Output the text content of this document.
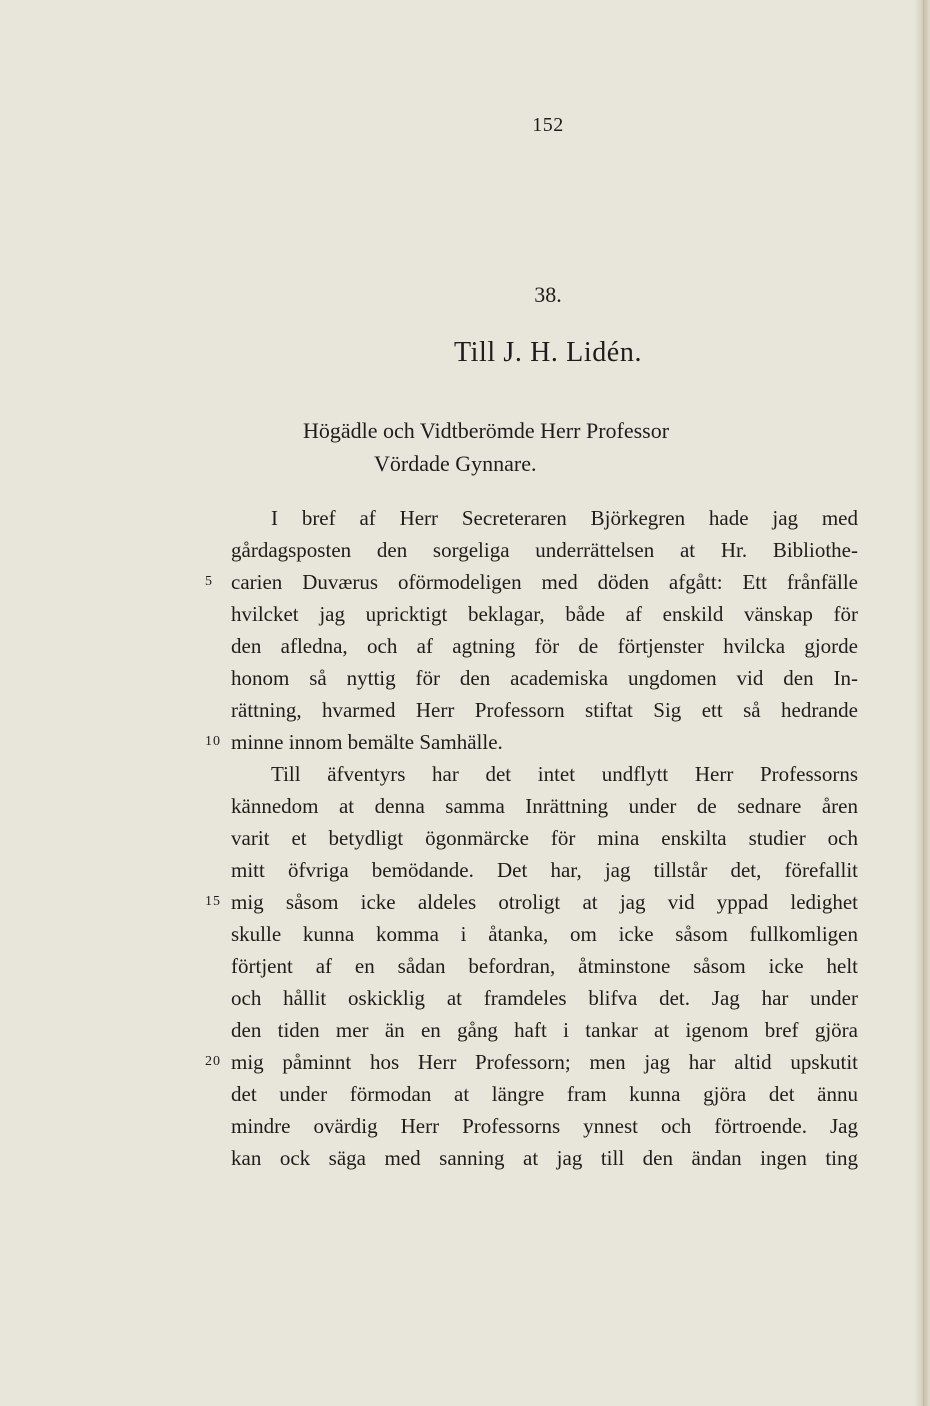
152
38.
Till J. H. Lidén.
Högädle och Vidtberömde Herr Professor
Vördade Gynnare.
I bref af Herr Secreteraren Björkegren hade jag med
gårdagsposten den sorgeliga underrättelsen at Hr. Bibliothe-
carien Duværus oförmodeligen med döden afgått: Ett frånfälle
hvilcket jag upricktigt beklagar, både af enskild vänskap för
den afledna, och af agtning för de förtjenster hvilcka gjorde
honom så nyttig för den academiska ungdomen vid den In-
rättning, hvarmed Herr Professorn stiftat Sig ett så hedrande
minne innom bemälte Samhälle.
Till äfventyrs har det intet undflytt Herr Professorns
kännedom at denna samma Inrättning under de sednare åren
varit et betydligt ögonmärcke för mina enskilta studier och
mitt öfvriga bemödande. Det har, jag tillstår det, förefallit
mig såsom icke aldeles otroligt at jag vid yppad ledighet
skulle kunna komma i åtanka, om icke såsom fullkomligen
förtjent af en sådan befordran, åtminstone såsom icke helt
och hållit oskicklig at framdeles blifva det. Jag har under
den tiden mer än en gång haft i tankar at igenom bref gjöra
mig påminnt hos Herr Professorn; men jag har altid upskutit
det under förmodan at längre fram kunna gjöra det ännu
mindre ovärdig Herr Professorns ynnest och förtroende. Jag
kan ock säga med sanning at jag till den ändan ingen ting
5
10
15
20
